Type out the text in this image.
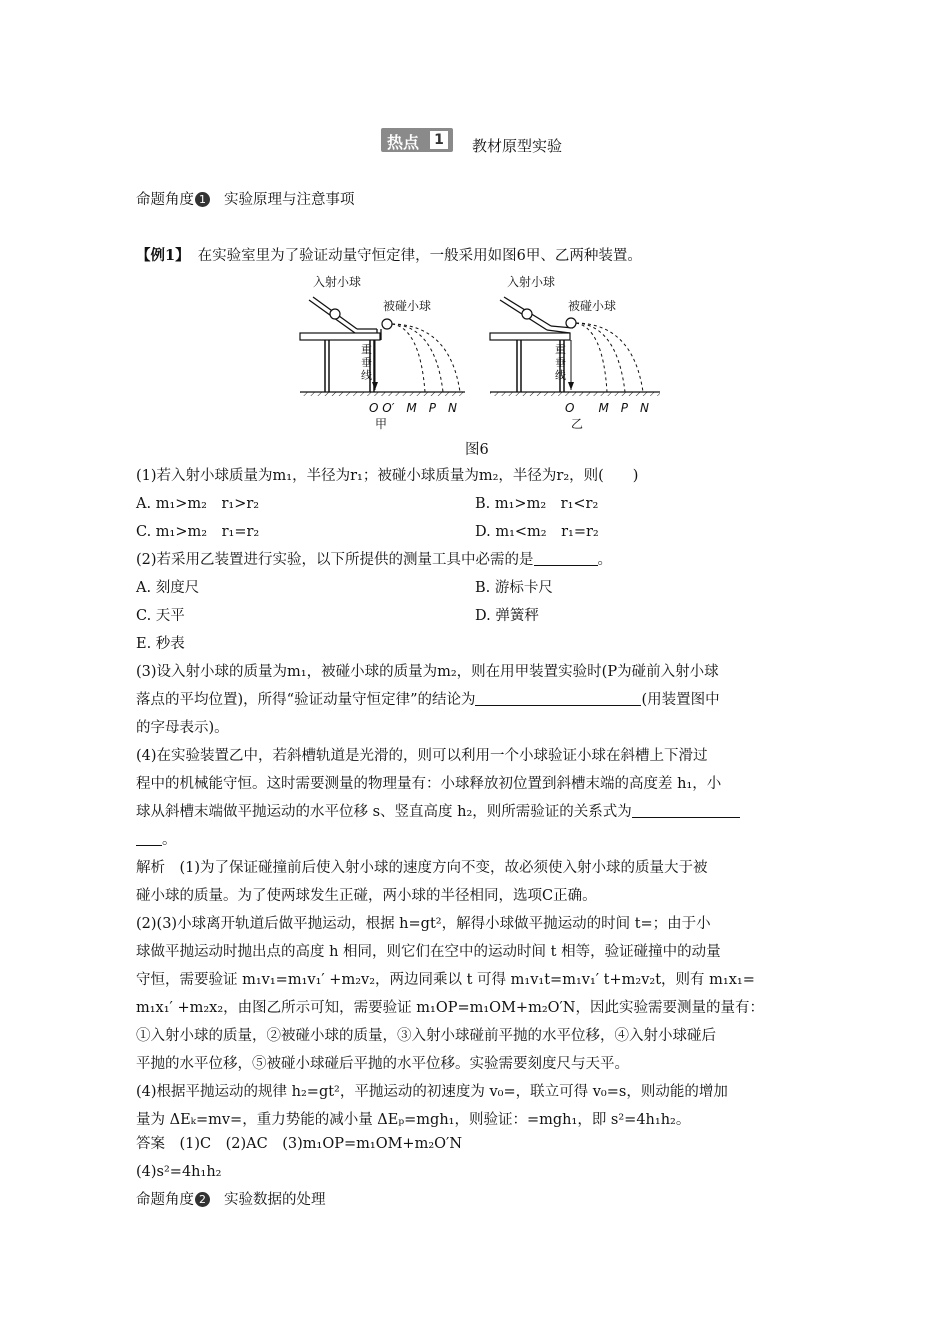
热点 1 教材原型实验
命题角度 1 实验原理与注意事项
【例1】 在实验室里为了验证动量守恒定律，一般采用如图6甲、乙两种装置。
重
垂
线
入射小球
被碰小球
O O′　M　P　N
甲
重
垂
线
入射小球
被碰小球
O　　M　P　N
乙
图6
(1)若入射小球质量为m₁，半径为r₁；被碰小球质量为m₂，半径为r₂，则(　　)
A. m₁>m₂　r₁>r₂	B. m₁>m₂　r₁<r₂
C. m₁>m₂　r₁=r₂	D. m₁<m₂　r₁=r₂
(2)若采用乙装置进行实验，以下所提供的测量工具中必需的是	。
A. 刻度尺	B. 游标卡尺
C. 天平	D. 弹簧秤
E. 秒表
(3)设入射小球的质量为m₁，被碰小球的质量为m₂，则在用甲装置实验时(P为碰前入射小球
落点的平均位置)，所得“验证动量守恒定律”的结论为	(用装置图中
的字母表示)。
(4)在实验装置乙中，若斜槽轨道是光滑的，则可以利用一个小球验证小球在斜槽上下滑过
程中的机械能守恒。这时需要测量的物理量有：小球释放初位置到斜槽末端的高度差 h₁，小
球从斜槽末端做平抛运动的水平位移 s、竖直高度 h₂，则所需验证的关系式为
。
解析　(1)为了保证碰撞前后使入射小球的速度方向不变，故必须使入射小球的质量大于被
碰小球的质量。为了使两球发生正碰，两小球的半径相同，选项C正确。
(2)(3)小球离开轨道后做平抛运动，根据 h=gt²，解得小球做平抛运动的时间 t=；由于小
球做平抛运动时抛出点的高度 h 相同，则它们在空中的运动时间 t 相等，验证碰撞中的动量
守恒，需要验证 m₁v₁=m₁v₁′ +m₂v₂，两边同乘以 t 可得 m₁v₁t=m₁v₁′ t+m₂v₂t，则有 m₁x₁=
m₁x₁′ +m₂x₂，由图乙所示可知，需要验证 m₁OP=m₁OM+m₂O′N，因此实验需要测量的量有：
①入射小球的质量，②被碰小球的质量，③入射小球碰前平抛的水平位移，④入射小球碰后
平抛的水平位移，⑤被碰小球碰后平抛的水平位移。实验需要刻度尺与天平。
(4)根据平抛运动的规律 h₂=gt²，平抛运动的初速度为 v₀=，联立可得 v₀=s，则动能的增加
量为 ΔEₖ=mv=，重力势能的减小量 ΔEₚ=mgh₁，则验证：=mgh₁，即 s²=4h₁h₂。
答案　(1)C　(2)AC　(3)m₁OP=m₁OM+m₂O′N
(4)s²=4h₁h₂
命题角度 2 实验数据的处理
